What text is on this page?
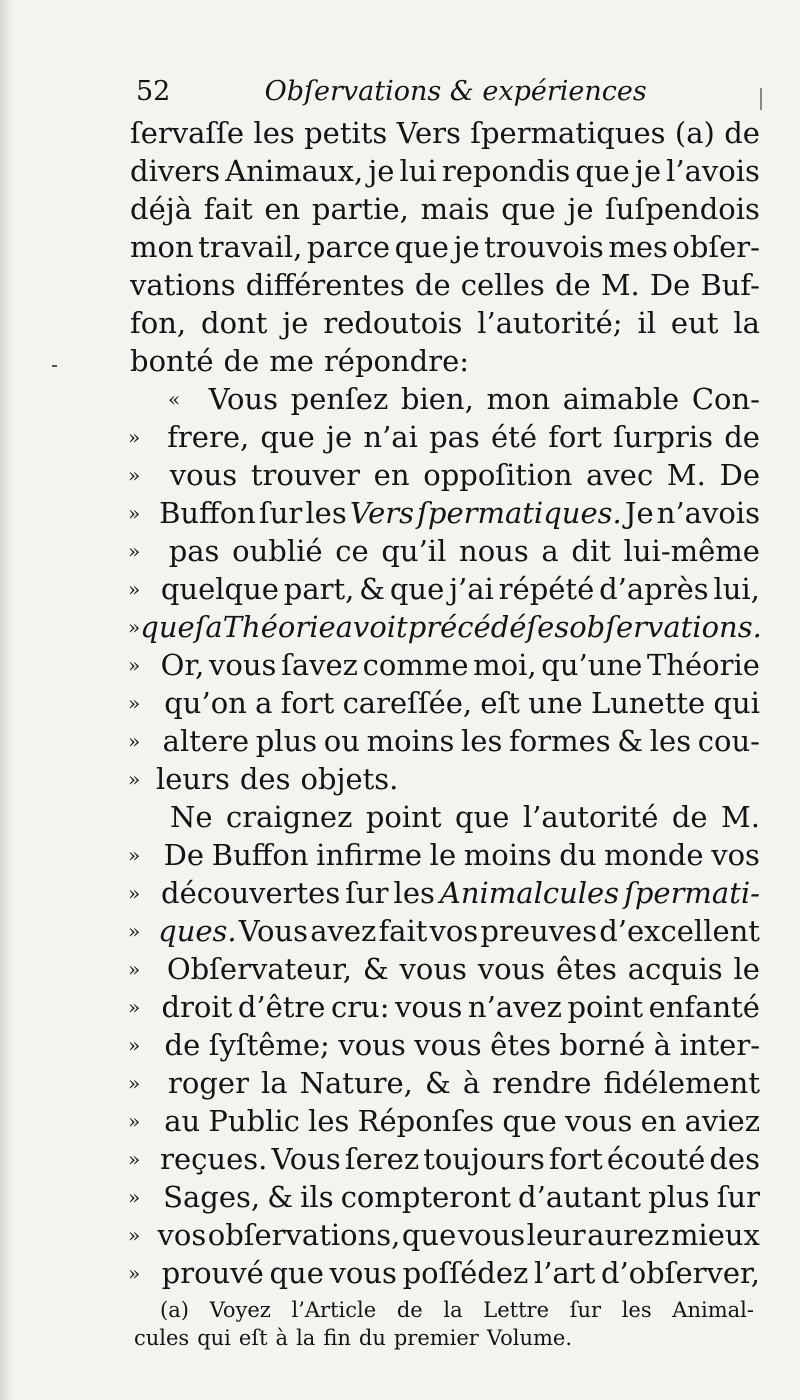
52	Obſervations & expériences
ſervaſſe les petits Vers ſpermatiques (a) de
divers Animaux, je lui repondis que je l’avois
déjà fait en partie, mais que je ſuſpendois
mon travail, parce que je trouvois mes obſer-
vations différentes de celles de M. De Buf-
fon, dont je redoutois l’autorité; il eut la
bonté de me répondre:
« Vous penſez bien, mon aimable Con-
» frere, que je n’ai pas été fort ſurpris de
»	vous trouver en oppoſition avec M. De
» Buffon ſur les Vers ſpermatiques. Je n’avois
» pas oublié ce qu’il nous a dit lui-même
» quelque part, & que j’ai répété d’après lui,
» que ſa Théorie avoit précédé ſes obſervations.
» Or, vous ſavez comme moi, qu’une Théorie
» qu’on a fort careſſée, eſt une Lunette qui
» altere plus ou moins les formes & les cou-
» leurs des objets.
Ne craignez point que l’autorité de M.
» De Buffon infirme le moins du monde vos
» découvertes ſur les Animalcules ſpermati-
» ques. Vous avez fait vos preuves d’excellent
» Obſervateur, & vous vous êtes acquis le
» droit d’être cru: vous n’avez point enfanté
» de ſyſtême; vous vous êtes borné à inter-
» roger la Nature, & à rendre fidélement
» au Public les Réponſes que vous en aviez
» reçues. Vous ſerez toujours fort écouté des
» Sages, & ils compteront d’autant plus ſur
» vos obſervations, que vous leur aurez mieux
» prouvé que vous poſſédez l’art d’obſerver,
(a) Voyez l’Article de la Lettre ſur les Animal-
cules qui eſt à la fin du premier Volume.
